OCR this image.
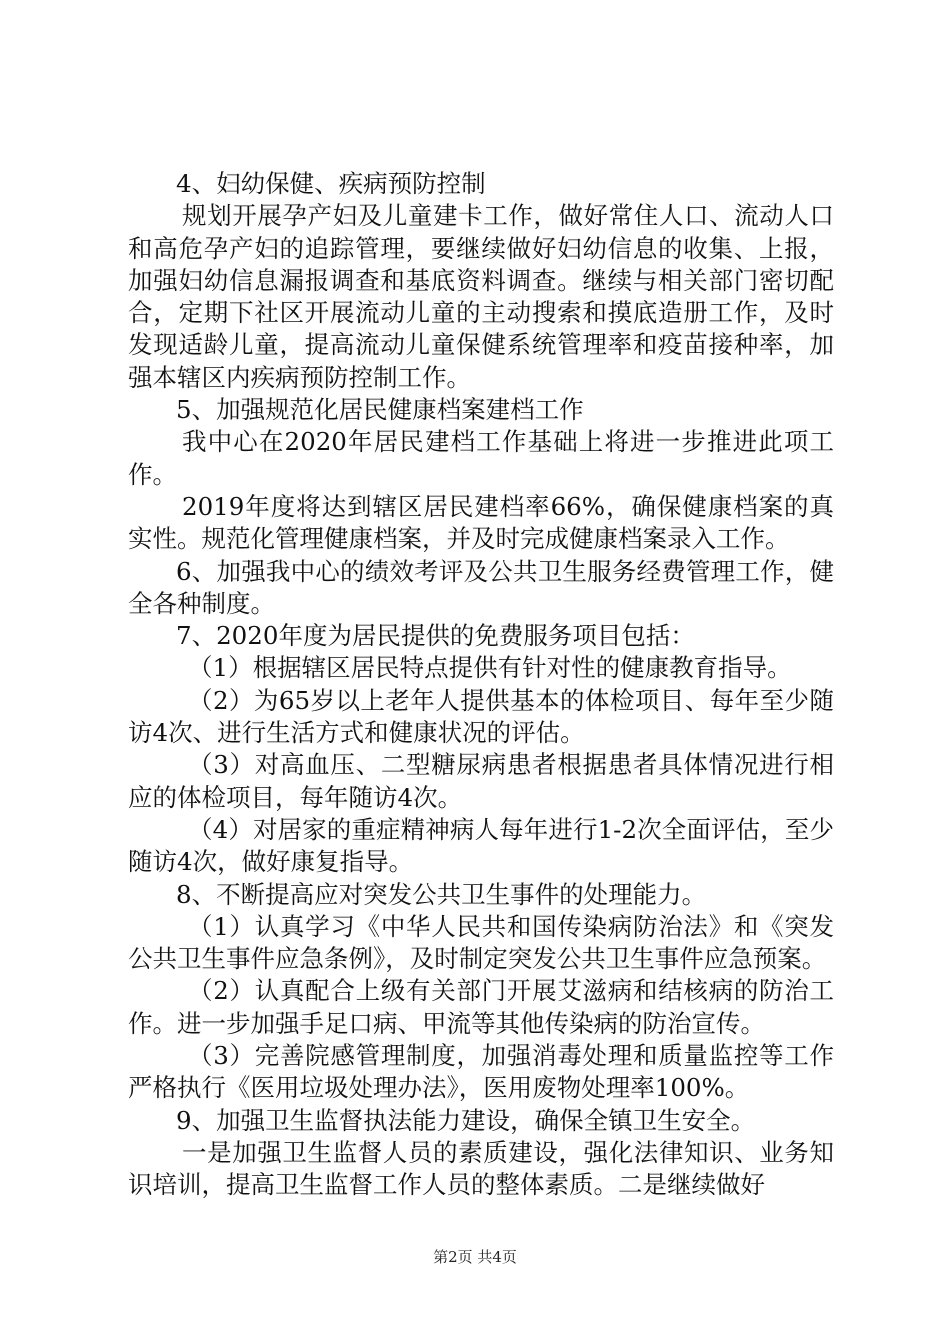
4、妇幼保健、疾病预防控制

规划开展孕产妇及儿童建卡工作，做好常住人口、流动人口和高危孕产妇的追踪管理，要继续做好妇幼信息的收集、上报，加强妇幼信息漏报调查和基底资料调查。继续与相关部门密切配合，定期下社区开展流动儿童的主动搜索和摸底造册工作，及时发现适龄儿童，提高流动儿童保健系统管理率和疫苗接种率，加强本辖区内疾病预防控制工作。

5、加强规范化居民健康档案建档工作

我中心在2020年居民建档工作基础上将进一步推进此项工作。

2019年度将达到辖区居民建档率66%，确保健康档案的真实性。规范化管理健康档案，并及时完成健康档案录入工作。

6、加强我中心的绩效考评及公共卫生服务经费管理工作，健全各种制度。

7、2020年度为居民提供的免费服务项目包括：

（1）根据辖区居民特点提供有针对性的健康教育指导。

（2）为65岁以上老年人提供基本的体检项目、每年至少随访4次、进行生活方式和健康状况的评估。

（3）对高血压、二型糖尿病患者根据患者具体情况进行相应的体检项目，每年随访4次。

（4）对居家的重症精神病人每年进行1-2次全面评估，至少随访4次，做好康复指导。

8、不断提高应对突发公共卫生事件的处理能力。

（1）认真学习《中华人民共和国传染病防治法》和《突发公共卫生事件应急条例》，及时制定突发公共卫生事件应急预案。

（2）认真配合上级有关部门开展艾滋病和结核病的防治工作。进一步加强手足口病、甲流等其他传染病的防治宣传。

（3）完善院感管理制度，加强消毒处理和质量监控等工作严格执行《医用垃圾处理办法》，医用废物处理率100%。

9、加强卫生监督执法能力建设，确保全镇卫生安全。

一是加强卫生监督人员的素质建设，强化法律知识、业务知识培训，提高卫生监督工作人员的整体素质。二是继续做好

第2页 共4页
